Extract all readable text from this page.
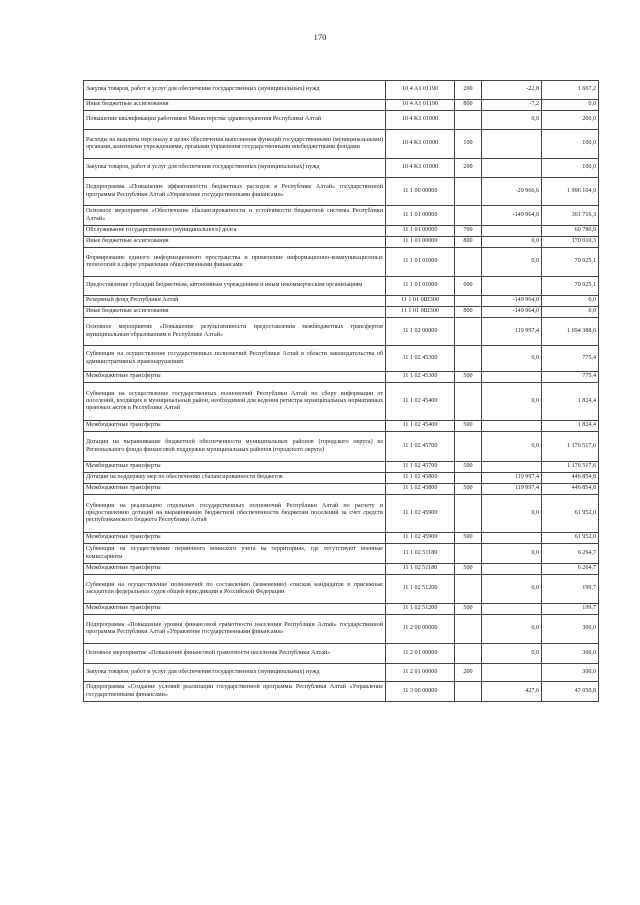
170
Закупка товаров, работ и услуг для обеспечения государственных (муниципальных) нужд	10 4 A1 01190	200	-22,8	1 667,2
Иные бюджетные ассигнования	10 4 A1 01190	800	-7,2	0,0
Повышение квалификации работников Министерства здравоохранения Республики Алтай	10 4 K1 01000		0,0	200,0
Расходы на выплаты персоналу в целях обеспечения выполнения функций государственными (муниципальными) органами, казенными учреждениями, органами управления государственными внебюджетными фондами	10 4 K1 01000	100		100,0
Закупка товаров, работ и услуг для обеспечения государственных (муниципальных) нужд	10 4 K1 01000	200		100,0
Подпрограмма «Повышение эффективности бюджетных расходов в Республике Алтай» государственной программы Республики Алтай «Управление государственными финансами»	11 1 00 00000		-29 966,6	1 996 104,9
Основное мероприятие «Обеспечение сбалансированности и устойчивости бюджетной системы Республики Алтай»	11 1 01 00000		-149 964,0	301 716,3
Обслуживание государственного (муниципального) долга	11 1 01 00000	700		60 780,9
Иные бюджетные ассигнования	11 1 01 00000	800	0,0	170 010,3
Формирование единого информационного пространства и применение информационно-коммуникационных технологий в сфере управления общественными финансами	11 1 01 01000		0,0	70 925,1
Предоставление субсидий бюджетным, автономным учреждениям и иным некоммерческим организациям	11 1 01 01000	600		70 925,1
Резервный фонд Республики Алтай	11 1 01 0Ш300		-149 964,0	0,0
Иные бюджетные ассигнования	11 1 01 0Ш300	800	-149 964,0	0,0
Основное мероприятие «Повышение результативности предоставления межбюджетных трансфертов муниципальным образованиям в Республике Алтай»	11 1 02 00000		119 997,4	1 694 388,6
Субвенции на осуществление государственных полномочий Республики Алтай в области законодательства об административных правонарушениях	11 1 02 45300		0,0	775,4
Межбюджетные трансферты	11 1 02 45300	500		775,4
Субвенции на осуществление государственных полномочий Республики Алтай по сбору информации от поселений, входящих в муниципальный район, необходимой для ведения регистра муниципальных нормативных правовых актов в Республике Алтай	11 1 02 45400		0,0	1 824,4
Межбюджетные трансферты	11 1 02 45400	500		1 824,4
Дотации на выравнивание бюджетной обеспеченности муниципальных районов (городского округа) из Регионального фонда финансовой поддержки муниципальных районов (городского округа)	11 1 02 45700		0,0	1 176 517,6
Межбюджетные трансферты	11 1 02 45700	500		1 176 517,6
Дотации на поддержку мер по обеспечению сбалансированности бюджетов	11 1 02 45800		119 997,4	446 854,8
Межбюджетные трансферты	11 1 02 45800	500	119 997,4	446 854,8
Субвенции на реализацию отдельных государственных полномочий Республики Алтай по расчету и предоставлению дотаций на выравнивание бюджетной обеспеченности бюджетам поселений за счет средств республиканского бюджета Республики Алтай	11 1 02 45900		0,0	61 952,0
Межбюджетные трансферты	11 1 02 45900	500		61 952,0
Субвенции на осуществление первичного воинского учета на территориях, где отсутствуют военные комиссариаты	11 1 02 51180		0,0	6 264,7
Межбюджетные трансферты	11 1 02 51180	500		6 264,7
Субвенции на осуществление полномочий по составлению (изменению) списков кандидатов в присяжные заседатели федеральных судов общей юрисдикции в Российской Федерации	11 1 02 51200		0,0	199,7
Межбюджетные трансферты	11 1 02 51200	500		199,7
Подпрограмма «Повышение уровня финансовой грамотности населения Республики Алтай» государственной программы Республики Алтай «Управление государственными финансами»	11 2 00 00000		0,0	300,0
Основное мероприятие «Повышение финансовой грамотности населения Республики Алтай»	11 2 01 00000		0,0	300,0
Закупка товаров, работ и услуг для обеспечения государственных (муниципальных) нужд	11 2 01 00000	200		300,0
Подпрограмма «Создание условий реализации государственной программы Республики Алтай «Управление государственными финансами»	11 3 00 00000		427,6	47 050,8
